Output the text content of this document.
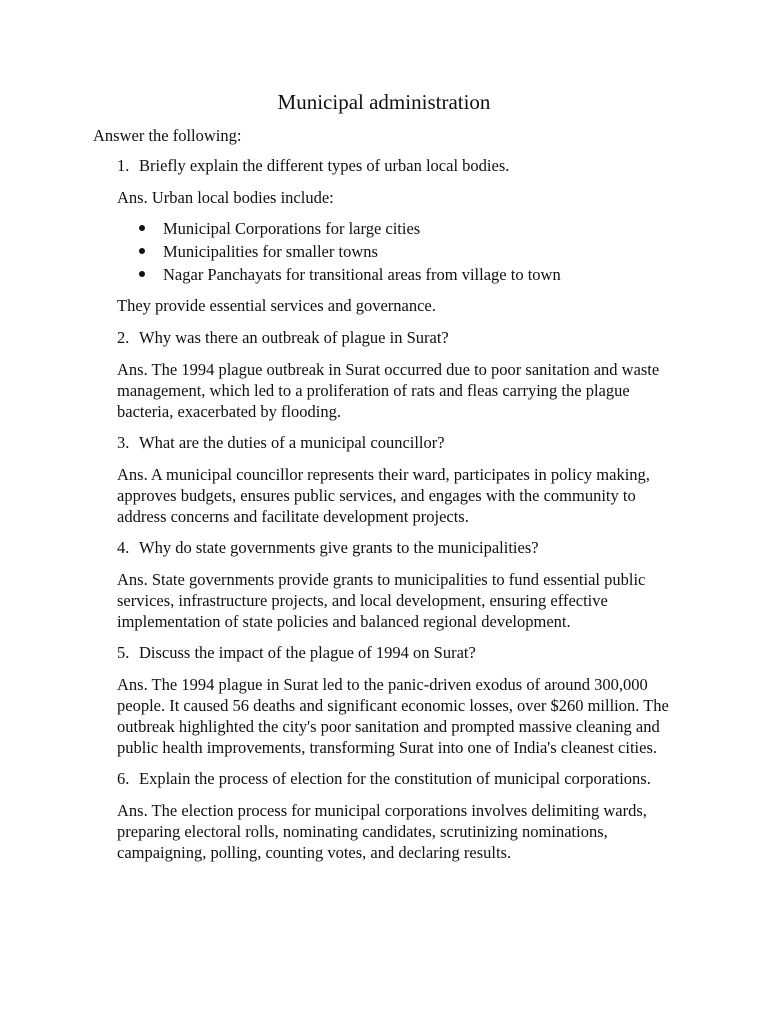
Municipal administration
Answer the following:
1. Briefly explain the different types of urban local bodies.
Ans. Urban local bodies include:
Municipal Corporations for large cities
Municipalities for smaller towns
Nagar Panchayats for transitional areas from village to town
They provide essential services and governance.
2. Why was there an outbreak of plague in Surat?
Ans. The 1994 plague outbreak in Surat occurred due to poor sanitation and waste management, which led to a proliferation of rats and fleas carrying the plague bacteria, exacerbated by flooding.
3. What are the duties of a municipal councillor?
Ans. A municipal councillor represents their ward, participates in policy making, approves budgets, ensures public services, and engages with the community to address concerns and facilitate development projects.
4. Why do state governments give grants to the municipalities?
Ans. State governments provide grants to municipalities to fund essential public services, infrastructure projects, and local development, ensuring effective implementation of state policies and balanced regional development.
5. Discuss the impact of the plague of 1994 on Surat?
Ans. The 1994 plague in Surat led to the panic-driven exodus of around 300,000 people. It caused 56 deaths and significant economic losses, over $260 million. The outbreak highlighted the city's poor sanitation and prompted massive cleaning and public health improvements, transforming Surat into one of India's cleanest cities.
6. Explain the process of election for the constitution of municipal corporations.
Ans. The election process for municipal corporations involves delimiting wards, preparing electoral rolls, nominating candidates, scrutinizing nominations, campaigning, polling, counting votes, and declaring results.
